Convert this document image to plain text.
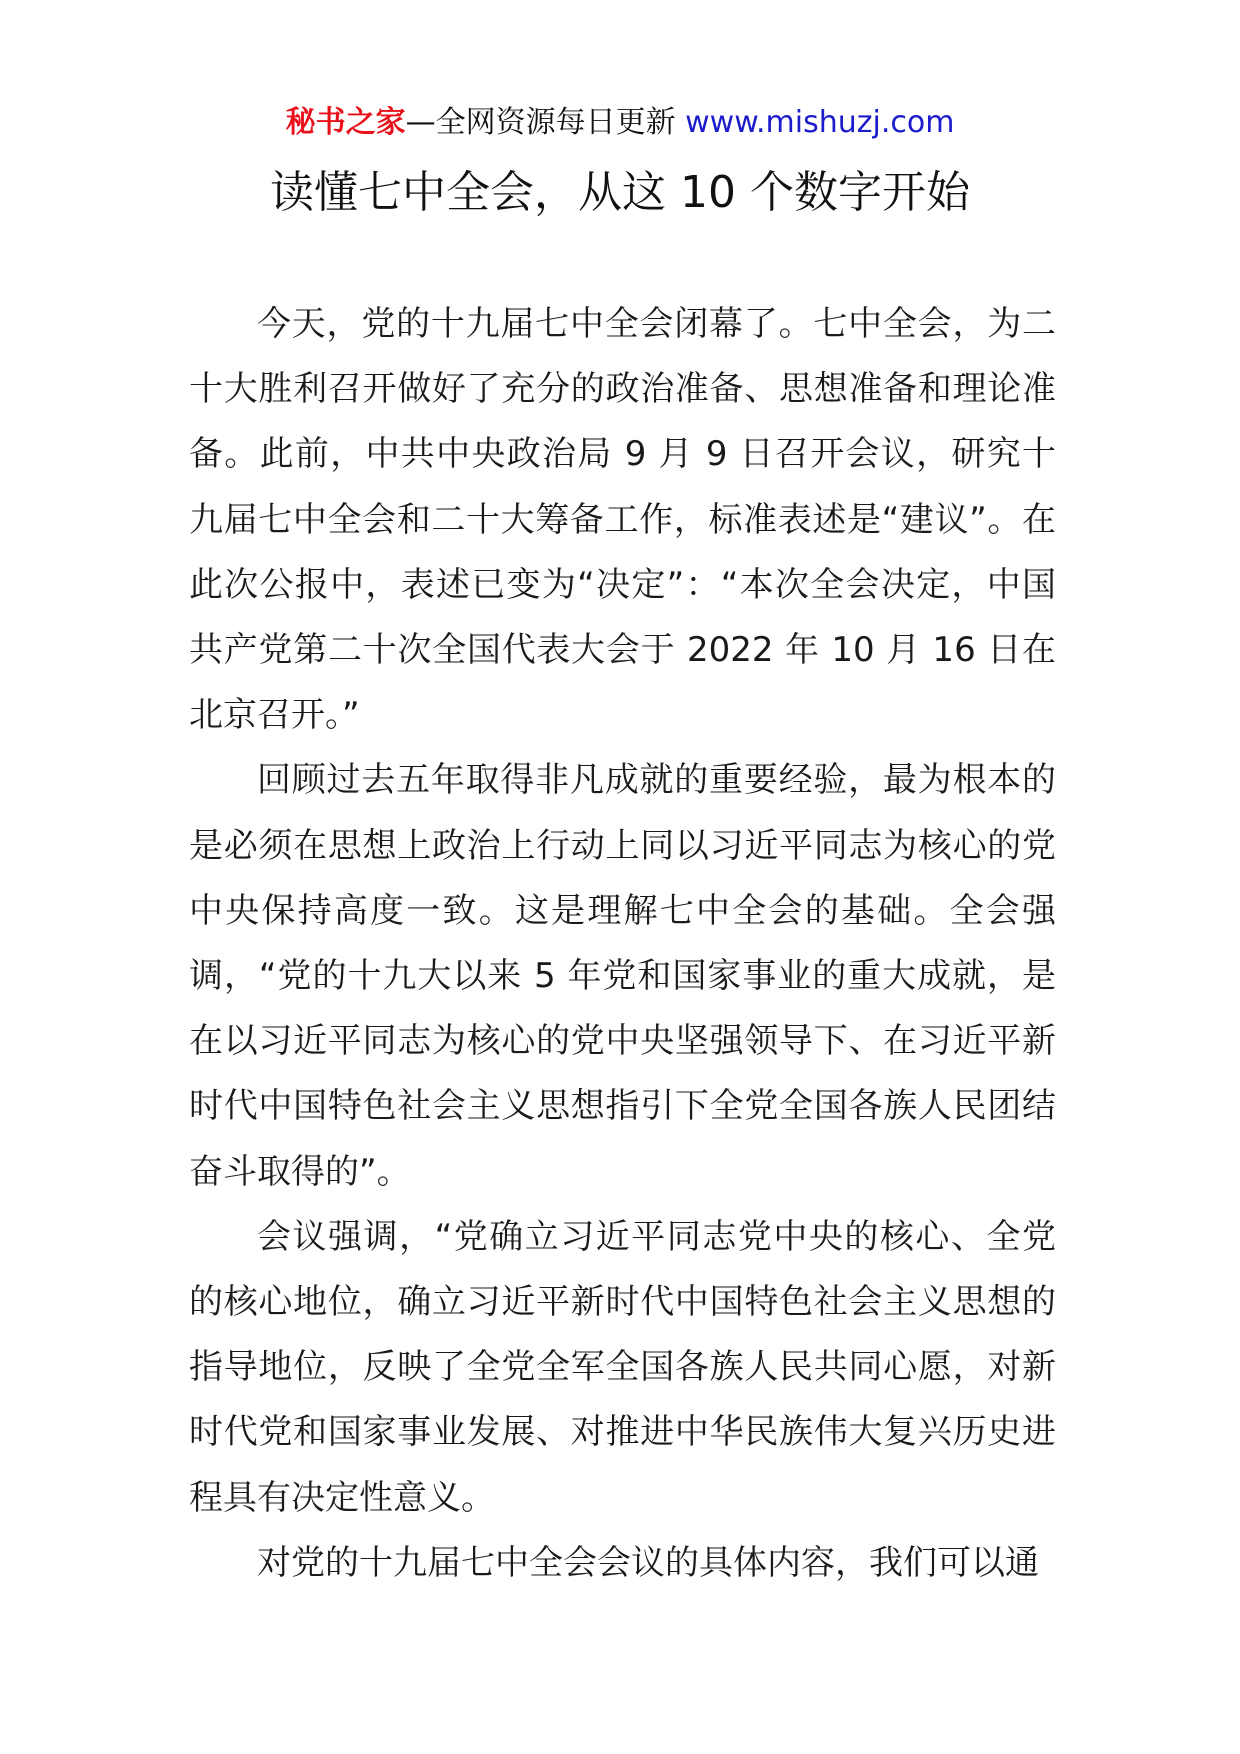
秘书之家—全网资源每日更新 www.mishuzj.com
读懂七中全会，从这 10 个数字开始

今天，党的十九届七中全会闭幕了。七中全会，为二十大胜利召开做好了充分的政治准备、思想准备和理论准备。此前，中共中央政治局 9 月 9 日召开会议，研究十九届七中全会和二十大筹备工作，标准表述是“建议”。在此次公报中，表述已变为“决定”：“本次全会决定，中国共产党第二十次全国代表大会于 2022 年 10 月 16 日在北京召开。”

回顾过去五年取得非凡成就的重要经验，最为根本的是必须在思想上政治上行动上同以习近平同志为核心的党中央保持高度一致。这是理解七中全会的基础。全会强调，“党的十九大以来 5 年党和国家事业的重大成就，是在以习近平同志为核心的党中央坚强领导下、在习近平新时代中国特色社会主义思想指引下全党全国各族人民团结奋斗取得的”。

会议强调，“党确立习近平同志党中央的核心、全党的核心地位，确立习近平新时代中国特色社会主义思想的指导地位，反映了全党全军全国各族人民共同心愿，对新时代党和国家事业发展、对推进中华民族伟大复兴历史进程具有决定性意义。

对党的十九届七中全会会议的具体内容，我们可以通
